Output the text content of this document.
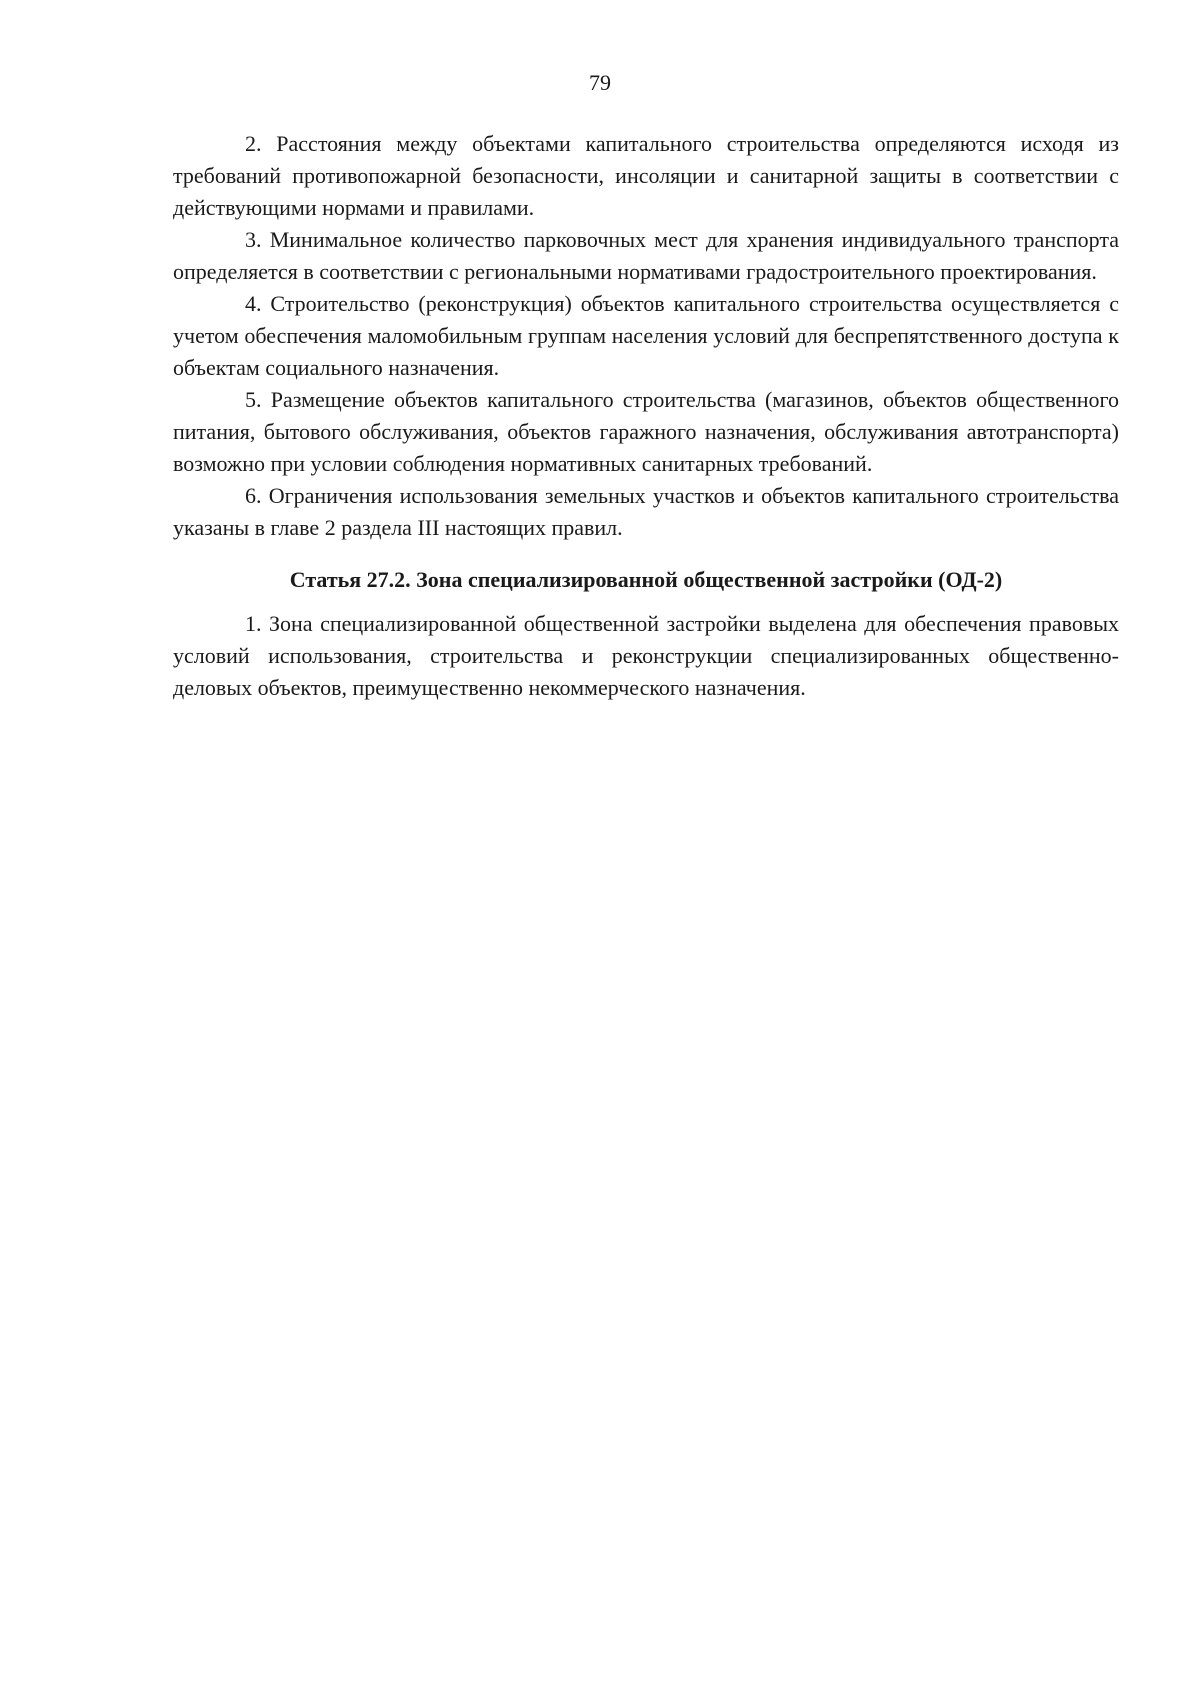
79

2. Расстояния между объектами капитального строительства определяются исходя из требований противопожарной безопасности, инсоляции и санитарной защиты в соответствии с действующими нормами и правилами.

3. Минимальное количество парковочных мест для хранения индивидуального транспорта определяется в соответствии с региональными нормативами градостроительного проектирования.

4. Строительство (реконструкция) объектов капитального строительства осуществляется с учетом обеспечения маломобильным группам населения условий для беспрепятственного доступа к объектам социального назначения.

5. Размещение объектов капитального строительства (магазинов, объектов общественного питания, бытового обслуживания, объектов гаражного назначения, обслуживания автотранспорта) возможно при условии соблюдения нормативных санитарных требований.

6. Ограничения использования земельных участков и объектов капитального строительства указаны в главе 2 раздела III настоящих правил.

Статья 27.2. Зона специализированной общественной застройки (ОД-2)

1. Зона специализированной общественной застройки выделена для обеспечения правовых условий использования, строительства и реконструкции специализированных общественно-деловых объектов, преимущественно некоммерческого назначения.
